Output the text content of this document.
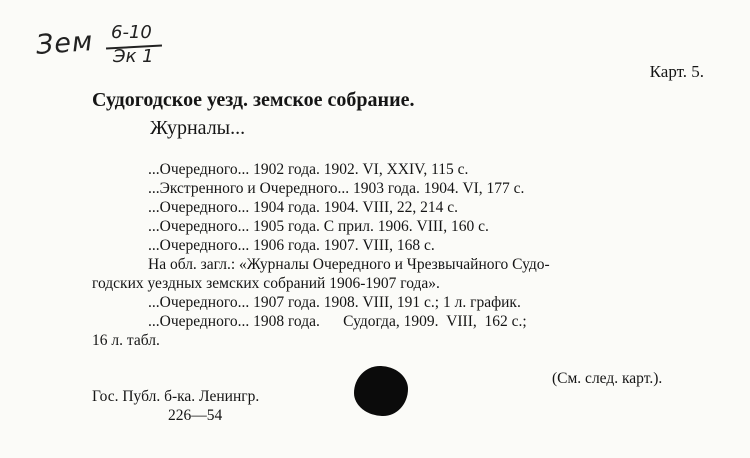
Зем 6-10
Эк 1
Карт. 5.
Судогодское уезд. земское собрание.
Журналы...
...Очередного... 1902 года. 1902. VI, XXIV, 115 с.
...Экстренного и Очередного... 1903 года. 1904. VI, 177 с.
...Очередного... 1904 года. 1904. VIII, 22, 214 с.
...Очередного... 1905 года. С прил. 1906. VIII, 160 с.
...Очередного... 1906 года. 1907. VIII, 168 с.
На обл. загл.: «Журналы Очередного и Чрезвычайного Судо-
годских уездных земских собраний 1906-1907 года».
...Очередного... 1907 года. 1908. VIII, 191 с.; 1 л. график.
...Очередного... 1908 года.      Судогда, 1909.  VIII,  162 с.;
16 л. табл.
(См. след. карт.).
Гос. Публ. б-ка. Ленингр.
226—54
